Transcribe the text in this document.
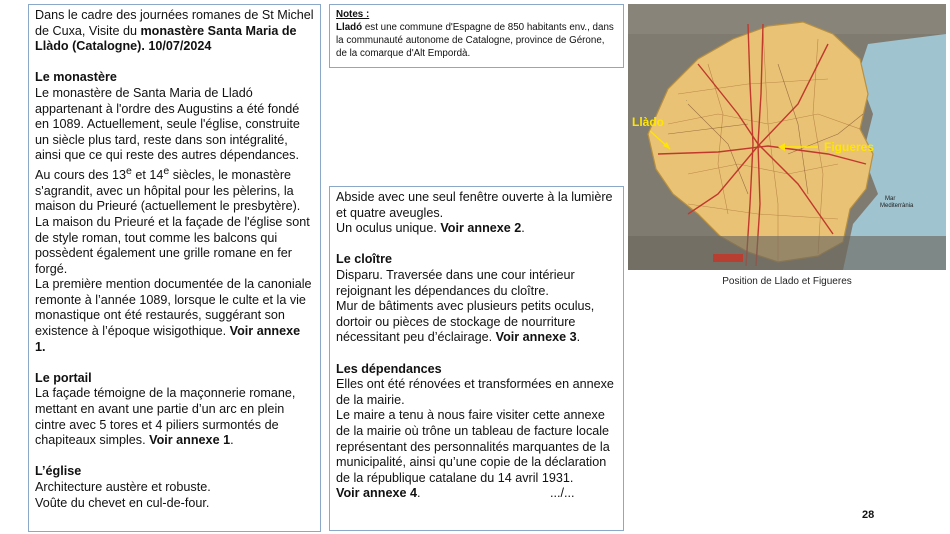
Dans le cadre des journées romanes de St Michel de Cuxa, Visite du monastère Santa Maria de Llàdo (Catalogne). 10/07/2024

Le monastère

Le monastère de Santa Maria de Lladó appartenant à l'ordre des Augustins a été fondé en 1089. Actuellement, seule l'église, construite un siècle plus tard, reste dans son intégralité, ainsi que ce qui reste des autres dépendances.

Au cours des 13e et 14e siècles, le monastère s'agrandit, avec un hôpital pour les pèlerins, la maison du Prieuré (actuellement le presbytère).

La maison du Prieuré et la façade de l'église sont de style roman, tout comme les balcons qui possèdent également une grille romane en fer forgé.

La première mention documentée de la canoniale remonte à l’année 1089, lorsque le culte et la vie monastique ont été restaurés, suggérant son existence à l’époque wisigothique. Voir annexe 1.

Le portail

La façade témoigne de la maçonnerie romane, mettant en avant une partie d’un arc en plein cintre avec 5 tores et 4 piliers surmontés de chapiteaux simples. Voir annexe 1.

L’église

Architecture austère et robuste.

Voûte du chevet en cul-de-four.

Notes :

Lladó est une commune d'Espagne de 850 habitants env., dans la communauté autonome de Catalogne, province de Gérone, de la comarque d'Alt Empordà.

Abside avec une seul fenêtre ouverte à la lumière et quatre aveugles.

Un oculus unique. Voir annexe 2.

Le cloître

Disparu. Traversée dans une cour intérieur rejoignant les dépendances du cloître.

Mur de bâtiments avec plusieurs petits oculus, dortoir ou pièces de stockage de nourriture nécessitant peu d’éclairage. Voir annexe 3.

Les dépendances

Elles ont été rénovées et transformées en annexe de la mairie.

Le maire a tenu à nous faire visiter cette annexe de la mairie où trône un tableau de facture locale représentant des personnalités marquantes de la municipalité, ainsi qu’une copie de la déclaration de la république catalane du 14 avril 1931.

Voir annexe 4.	.../...

·
Llàdo
Figueres
Mar
Mediterrània
Position de Llado et Figueres
28
